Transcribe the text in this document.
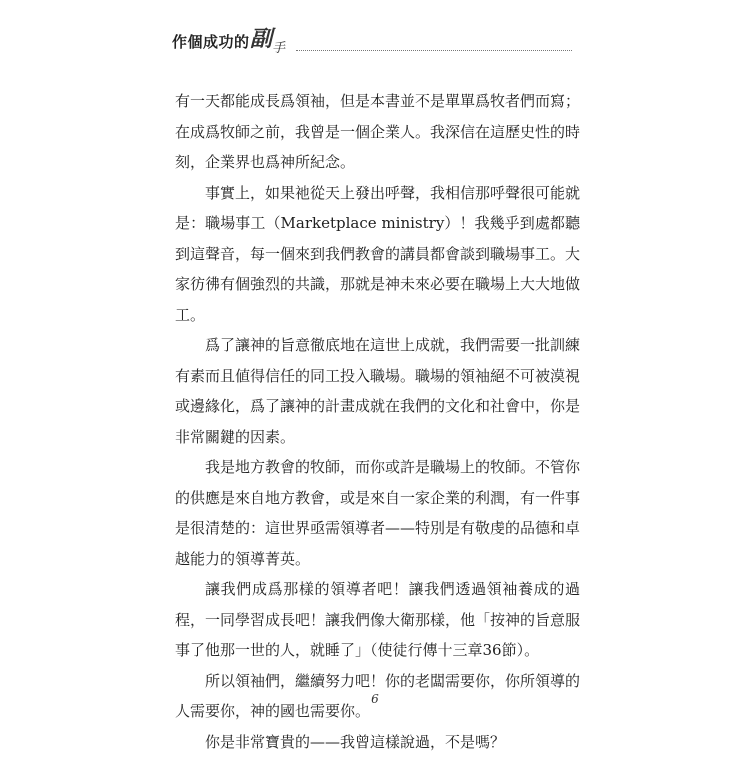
作個成功的 副$_手$

有一天都能成長爲領袖，但是本書並不是單單爲牧者們而寫；在成爲牧師之前，我曾是一個企業人。我深信在這歷史性的時刻，企業界也爲神所紀念。

事實上，如果祂從天上發出呼聲，我相信那呼聲很可能就是：職場事工（Marketplace ministry）！我幾乎到處都聽到這聲音，每一個來到我們教會的講員都會談到職場事工。大家彷彿有個強烈的共識，那就是神未來必要在職場上大大地做工。

爲了讓神的旨意徹底地在這世上成就，我們需要一批訓練有素而且値得信任的同工投入職場。職場的領袖絕不可被漠視或邊緣化，爲了讓神的計畫成就在我們的文化和社會中，你是非常關鍵的因素。

我是地方教會的牧師，而你或許是職場上的牧師。不管你的供應是來自地方教會，或是來自一家企業的利潤，有一件事是很清楚的：這世界亟需領導者——特別是有敬虔的品德和卓越能力的領導菁英。

讓我們成爲那樣的領導者吧！讓我們透過領袖養成的過程，一同學習成長吧！讓我們像大衛那樣，他「按神的旨意服事了他那一世的人，就睡了」（使徒行傳十三章36節）。

所以領袖們，繼續努力吧！你的老闆需要你，你所領導的人需要你，神的國也需要你。

你是非常寶貴的——我曾這樣說過，不是嗎？

6
